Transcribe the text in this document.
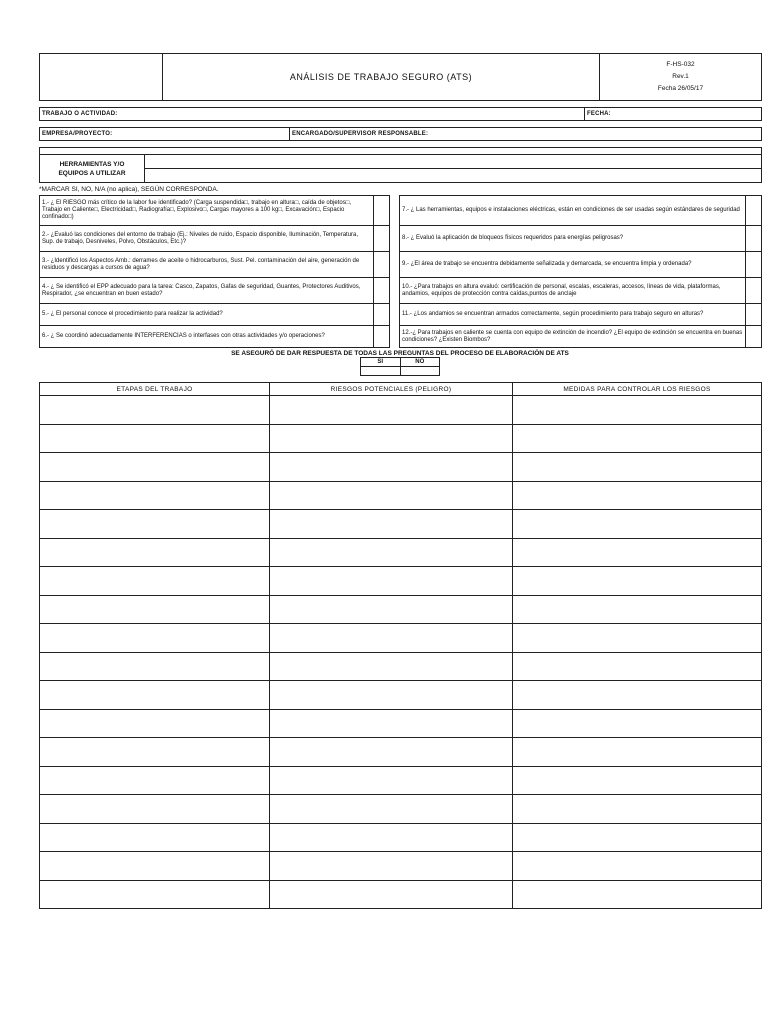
	ANÁLISIS DE TRABAJO SEGURO (ATS)	
F-HS-032
Rev.1
Fecha 26/05/17
TRABAJO O ACTIVIDAD:	FECHA:
EMPRESA/PROYECTO:	ENCARGADO/SUPERVISOR RESPONSABLE:

HERRAMIENTAS Y/O
EQUIPOS A UTILIZAR

*MARCAR SI, NO, N/A (no aplica), SEGÚN CORRESPONDA.
1.- ¿ El RIESGO más crítico de la labor fue identificado? (Carga suspendida□, trabajo en altura□, caída de objetos□, Trabajo en Caliente□, Electricidad□, Radiografía□, Explosivo□, Cargas mayores a 100 kg□, Excavación□, Espacio confinado□)			7.- ¿ Las herramientas, equipos e instalaciones eléctricas, están en condiciones de ser usadas según estándares de seguridad	
2.- ¿Evaluó las condiciones del entorno de trabajo (Ej.: Niveles de ruido, Espacio disponible, Iluminación, Temperatura, Sup. de trabajo, Desniveles, Polvo, Obstáculos, Etc.)?			8.- ¿ Evaluó la aplicación de bloqueos físicos requeridos para energías peligrosas?	
3.- ¿Identificó los Aspectos Amb.: derrames de aceite o hidrocarburos, Sust. Pel. contaminación del aire, generación de residuos y descargas a cursos de agua?			9.- ¿El área de trabajo se encuentra debidamente señalizada y demarcada, se encuentra limpia y ordenada?	
4.- ¿ Se identificó el EPP adecuado para la tarea: Casco, Zapatos, Gafas de seguridad, Guantes, Protectores Auditivos, Respirador, ¿se encuentran en buen estado?			10.- ¿Para trabajos en altura evaluó: certificación de personal, escalas, escaleras, accesos, líneas de vida, plataformas, andamios, equipos de protección contra caídas,puntos de anclaje	
5.- ¿ El personal conoce el procedimiento para realizar la actividad?			11.- ¿Los andamios se encuentran armados correctamente, según procedimiento para trabajo seguro en alturas?	
6.- ¿ Se coordinó adecuadamente INTERFERENCIAS o interfases con otras actividades y/o operaciones?			12.-¿ Para trabajos en caliente se cuenta con equipo de extinción de incendio? ¿El equipo de extinción se encuentra en buenas condiciones? ¿Existen Biombos?	
SE ASEGURÓ DE DAR RESPUESTA DE TODAS LAS PREGUNTAS DEL PROCESO DE ELABORACIÓN DE ATS
SI	NO

ETAPAS DEL TRABAJO	RIESGOS POTENCIALES (PELIGRO)	MEDIDAS PARA CONTROLAR LOS RIESGOS
